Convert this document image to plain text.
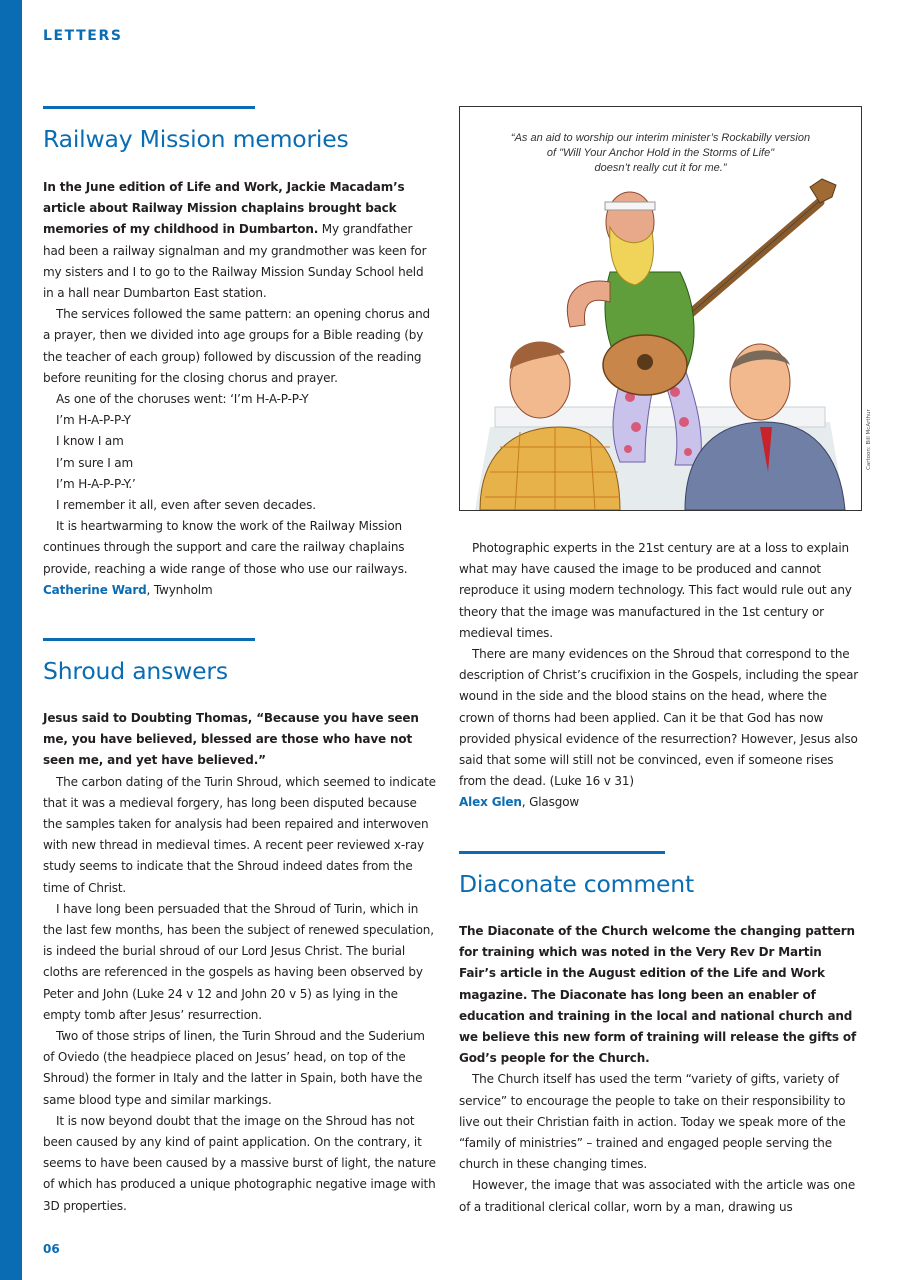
LETTERS
Railway Mission memories

In the June edition of Life and Work, Jackie Macadam’s article about Railway Mission chaplains brought back memories of my childhood in Dumbarton. My grandfather had been a railway signalman and my grandmother was keen for my sisters and I to go to the Railway Mission Sunday School held in a hall near Dumbarton East station.

The services followed the same pattern: an opening chorus and a prayer, then we divided into age groups for a Bible reading (by the teacher of each group) followed by discussion of the reading before reuniting for the closing chorus and prayer.

As one of the choruses went: ‘I’m H-A-P-P-Y

I’m H-A-P-P-Y

I know I am

I’m sure I am

I’m H-A-P-P-Y.’

I remember it all, even after seven decades.

It is heartwarming to know the work of the Railway Mission continues through the support and care the railway chaplains provide, reaching a wide range of those who use our railways.

Catherine Ward, Twynholm

Shroud answers

Jesus said to Doubting Thomas, “Because you have seen me, you have believed, blessed are those who have not seen me, and yet have believed.”

The carbon dating of the Turin Shroud, which seemed to indicate that it was a medieval forgery, has long been disputed because the samples taken for analysis had been repaired and interwoven with new thread in medieval times. A recent peer reviewed x-ray study seems to indicate that the Shroud indeed dates from the time of Christ.

I have long been persuaded that the Shroud of Turin, which in the last few months, has been the subject of renewed speculation, is indeed the burial shroud of our Lord Jesus Christ. The burial cloths are referenced in the gospels as having been observed by Peter and John (Luke 24 v 12 and John 20 v 5) as lying in the empty tomb after Jesus’ resurrection.

Two of those strips of linen, the Turin Shroud and the Suderium of Oviedo (the headpiece placed on Jesus’ head, on top of the Shroud) the former in Italy and the latter in Spain, both have the same blood type and similar markings.

It is now beyond doubt that the image on the Shroud has not been caused by any kind of paint application. On the contrary, it seems to have been caused by a massive burst of light, the nature of which has produced a unique photographic negative image with 3D properties.

“As an aid to worship our interim minister’s Rockabilly version
of "Will Your Anchor Hold in the Storms of Life"
doesn’t really cut it for me.”
Cartoon: Bill McArthur

Photographic experts in the 21st century are at a loss to explain what may have caused the image to be produced and cannot reproduce it using modern technology. This fact would rule out any theory that the image was manufactured in the 1st century or medieval times.

There are many evidences on the Shroud that correspond to the description of Christ’s crucifixion in the Gospels, including the spear wound in the side and the blood stains on the head, where the crown of thorns had been applied. Can it be that God has now provided physical evidence of the resurrection? However, Jesus also said that some will still not be convinced, even if someone rises from the dead. (Luke 16 v 31)

Alex Glen, Glasgow

Diaconate comment

The Diaconate of the Church welcome the changing pattern for training which was noted in the Very Rev Dr Martin Fair’s article in the August edition of the Life and Work magazine. The Diaconate has long been an enabler of education and training in the local and national church and we believe this new form of training will release the gifts of God’s people for the Church.

The Church itself has used the term “variety of gifts, variety of service” to encourage the people to take on their responsibility to live out their Christian faith in action. Today we speak more of the “family of ministries” – trained and engaged people serving the church in these changing times.

However, the image that was associated with the article was one of a traditional clerical collar, worn by a man, drawing us

06
